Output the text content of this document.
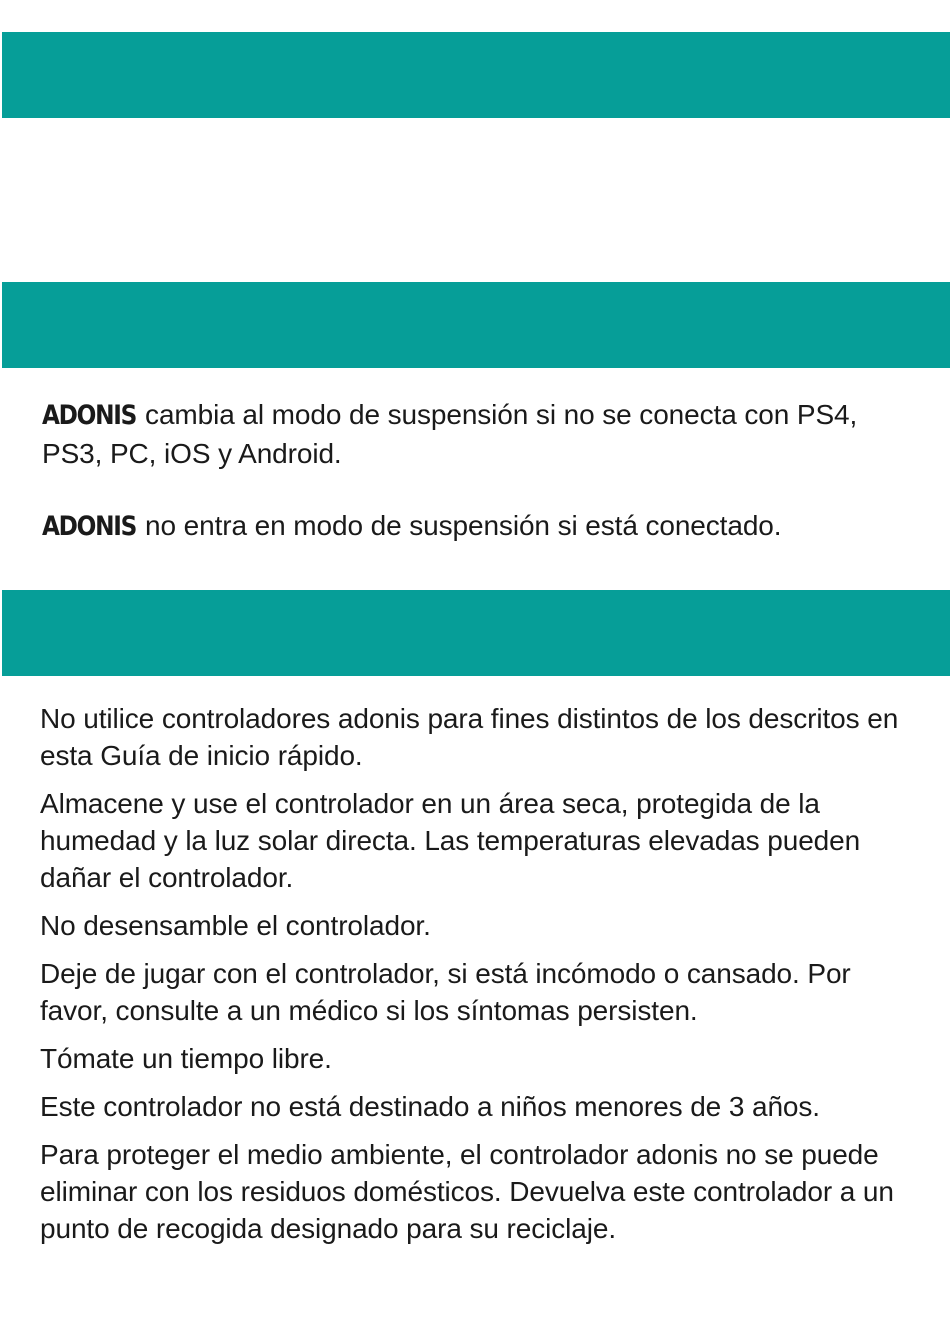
ADONIS cambia al modo de suspensión si no se conecta con PS4, PS3, PC, iOS y Android.

ADONIS no entra en modo de suspensión si está conectado.

No utilice controladores adonis para fines distintos de los descritos en esta Guía de inicio rápido.
Almacene y use el controlador en un área seca, protegida de la humedad y la luz solar directa. Las temperaturas elevadas pueden dañar el controlador.
No desensamble el controlador.
Deje de jugar con el controlador, si está incómodo o cansado. Por favor, consulte a un médico si los síntomas persisten.
Tómate un tiempo libre.
Este controlador no está destinado a niños menores de 3 años.
Para proteger el medio ambiente, el controlador adonis no se puede eliminar con los residuos domésticos. Devuelva este controlador a un punto de recogida designado para su reciclaje.
